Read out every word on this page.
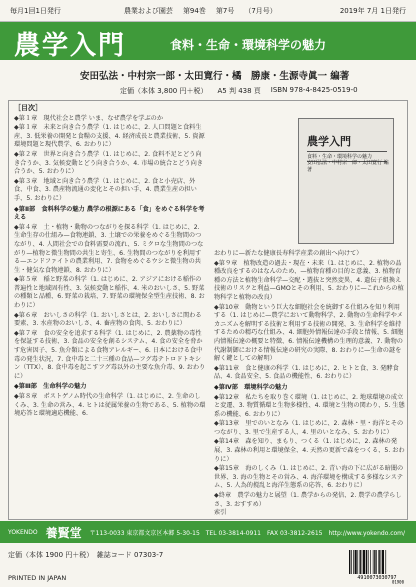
毎月1回1日発行	農業および園芸 第94巻 第7号 （7月号）	2019年 7月 1日発行
農学入門	食料・生命・環境科学の魅力
安田弘法・中村宗一郎・太田寛行・橘　勝康・生源寺眞一 編著
定価（本体 3,800 円＋税） A5 判 438 頁 ISBN 978-4-8425-0519-0
［目次］
◆第１章　現代社会と農学 いま、なぜ農学を学ぶのか
◆第１章　未来と向き合う農学（1. はじめに、2. 人口問題と食料生産、3. 低栄養の開発と食糧の支援、4. 経済成長と農業技術、5. 資源環境問題と現代農学、6. おわりに）
◆第２章　世界と向き合う農学（1. はじめに、2. 食料不足とどう向き合うか、3. 気候変動とどう向き合うか、4. 市場の統合とどう向き合うか、5. おわりに）
◆第３章　地域と向き合う農学（1. はじめに、2. 食と小売店、外食、中食、3. 農産物流通の変化とその担い手、4. 農業生産の担い手、5. おわりに）
◆第Ⅱ部　食料科学の魅力 農学の根源にある「食」をめぐる科学を考える
◆第４章　土・植物・動物のつながりを探る科学（1. はじめに、2. 生命生存の仕組み—食物連鎖、3. 土壌での栄養をめぐる生物間のつながり、4. 人間社会での食料需要の流れ、5. ミクロな生物間のつながり—植物と微生物間の共生と寄生、6. 生物間のつながりを利用する—エンドファイトの農業利用、7. 食物をめぐるウシと微生物の共生・健気な食物連鎖、8. おわりに）
◆第５章　稲と野菜の科学（1. はじめに、2. アジアにおける稲作の普遍性と地域固有性、3. 気候変動と稲作、4. 米のおいしさ、5. 野菜の種類と品種、6. 野菜の栽培、7. 野菜の環境保全型生産技術、8. おわりに）
◆第６章　おいしさの科学（1. おいしさとは、2. おいしさに関わる要素、3. 水産物のおいしさ、4. 畜産物の食肉、5. おわりに）
◆第７章　食の安全を追求する科学（1. はじめに、2. 農薬物の毒性を保証する技術、3. 食品の安全を創るシステム、4. 食の安全を脅かす危害因子、5. 魚介類による食物アレルギー、6. 日本における食中毒の発生状況、7. 食中毒と二十三種の食品—フグ毒テトロドトキシン（TTX）、8. 食中毒を起こすフグ毒以外の主要な魚介毒、9. おわりに）
◆第Ⅲ部　生命科学の魅力
◆第８章　ポストゲノム時代の生命科学（1. はじめに、2. 生命のしくみ、3. 生命の営み、4. ヒトは従属栄養の生物である、5. 植物の環境応答と環境適応機能、6.
おわりに—新たな健康長寿科学産業の創出へ向けて）
◆第９章　植物改造の過去・現在・未来（1. はじめに、2. 植物の品種改良をするのはなんのため、—植物育種の目的と意義、3. 植物育種の方法と植物生命科学—交配・選抜と突然変異、4. 遺伝子組換え技術のリスクと利益—GMOとその利用、5. おわりに—これからの植物科学と植物の改良）
◆第10章　動物という巨大な細胞社会を統御する仕組みを知り利用する（1. はじめに—農学において動物科学、2. 動物の生命科学やメカニズムを解明する技術と利用する技術の開発、3. 生命科学を維持するための精巧な仕組み、4. 細胞外情報伝達の手段と情報、5. 細胞内情報伝達の概要と特徴、6. 情報伝達機構の生理的意義、7. 動物の代謝制御における情報伝達の研究の実際、8. おわりに—生命の謎を解く鍵としての解明）
◆第11章　食と健康の科学（1. はじめに、2. ヒトと食、3. 発酵食品、4. 食品安全、5. 食品の機能性、6. おわりに）
◆第Ⅳ部　環境科学の魅力
◆第12章　私たちを取り巻く環境（1. はじめに、2. 地球環境の成立と変遷、3. 物質循環と生物多様性、4. 環境と生物の関わり、5. 生態系の機能、6. おわりに）
◆第13章　里でのいとなみ（1. はじめに、2. 森林・里・海洋とそのつながり、3. 里で生産する人、4. 里のいとなみ、5. おわりに）
◆第14章　森を知り、まもり、つくる（1. はじめに、2. 森林の発展、3. 森林の利用と環境保全、4. 天然の更新で森をつくる、5. おわりに）
◆第15章　海のしくみ（1. はじめに、2. 青い海の下に広がる暗闇の世界、3. 海の生物とその営み、4. 海洋環境を構成する多様なシステム、5. 人為的撹乱と海洋生態系の応答、6. おわりに）
◆終章　農学の魅力と展望（1. 農学からの発信、2. 農学の農学らしさ、3. おすすめ）
索引
農学入門
食料・生命・環境科学の魅力
安田弘法・中村宗一郎・太田寛行 編著
YOKENDO 養賢堂 〒113-0033 東京都文京区本郷 5-30-15　TEL 03-3814-0911　FAX 03-3812-2615　http://www.yokendo.com/
定価（本体 1900 円＋税）　雑誌コード 07303-7
PRINTED IN JAPAN	4910073030797
01900
